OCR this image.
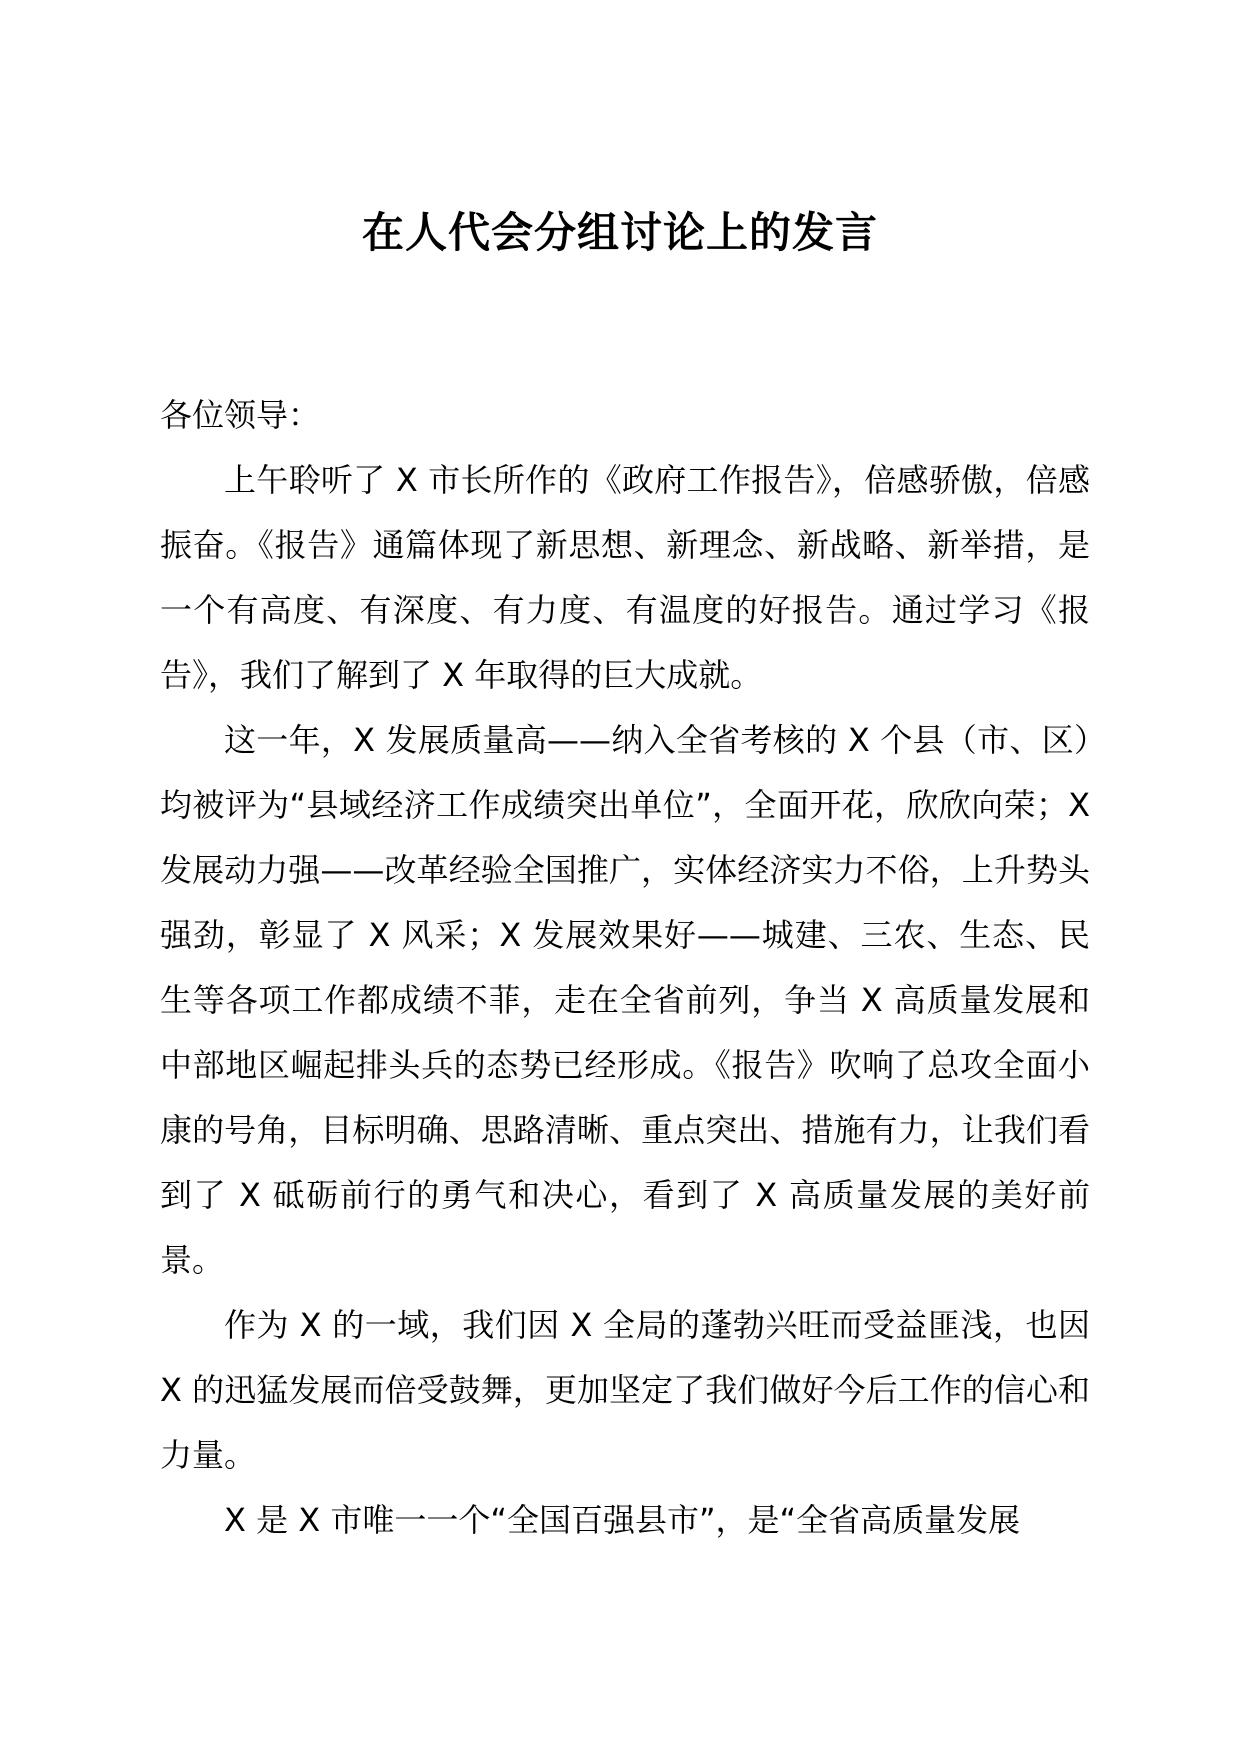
在人代会分组讨论上的发言

各位领导：

上午聆听了 X 市长所作的《政府工作报告》，倍感骄傲，倍感振奋。《报告》通篇体现了新思想、新理念、新战略、新举措，是一个有高度、有深度、有力度、有温度的好报告。通过学习《报告》，我们了解到了 X 年取得的巨大成就。

这一年，X 发展质量高——纳入全省考核的 X 个县（市、区）均被评为“县域经济工作成绩突出单位”，全面开花，欣欣向荣；X 发展动力强——改革经验全国推广，实体经济实力不俗，上升势头强劲，彰显了 X 风采；X 发展效果好——城建、三农、生态、民生等各项工作都成绩不菲，走在全省前列，争当 X 高质量发展和中部地区崛起排头兵的态势已经形成。《报告》吹响了总攻全面小康的号角，目标明确、思路清晰、重点突出、措施有力，让我们看到了 X 砥砺前行的勇气和决心，看到了 X 高质量发展的美好前景。

作为 X 的一域，我们因 X 全局的蓬勃兴旺而受益匪浅，也因 X 的迅猛发展而倍受鼓舞，更加坚定了我们做好今后工作的信心和力量。

X 是 X 市唯一一个“全国百强县市”，是“全省高质量发展
